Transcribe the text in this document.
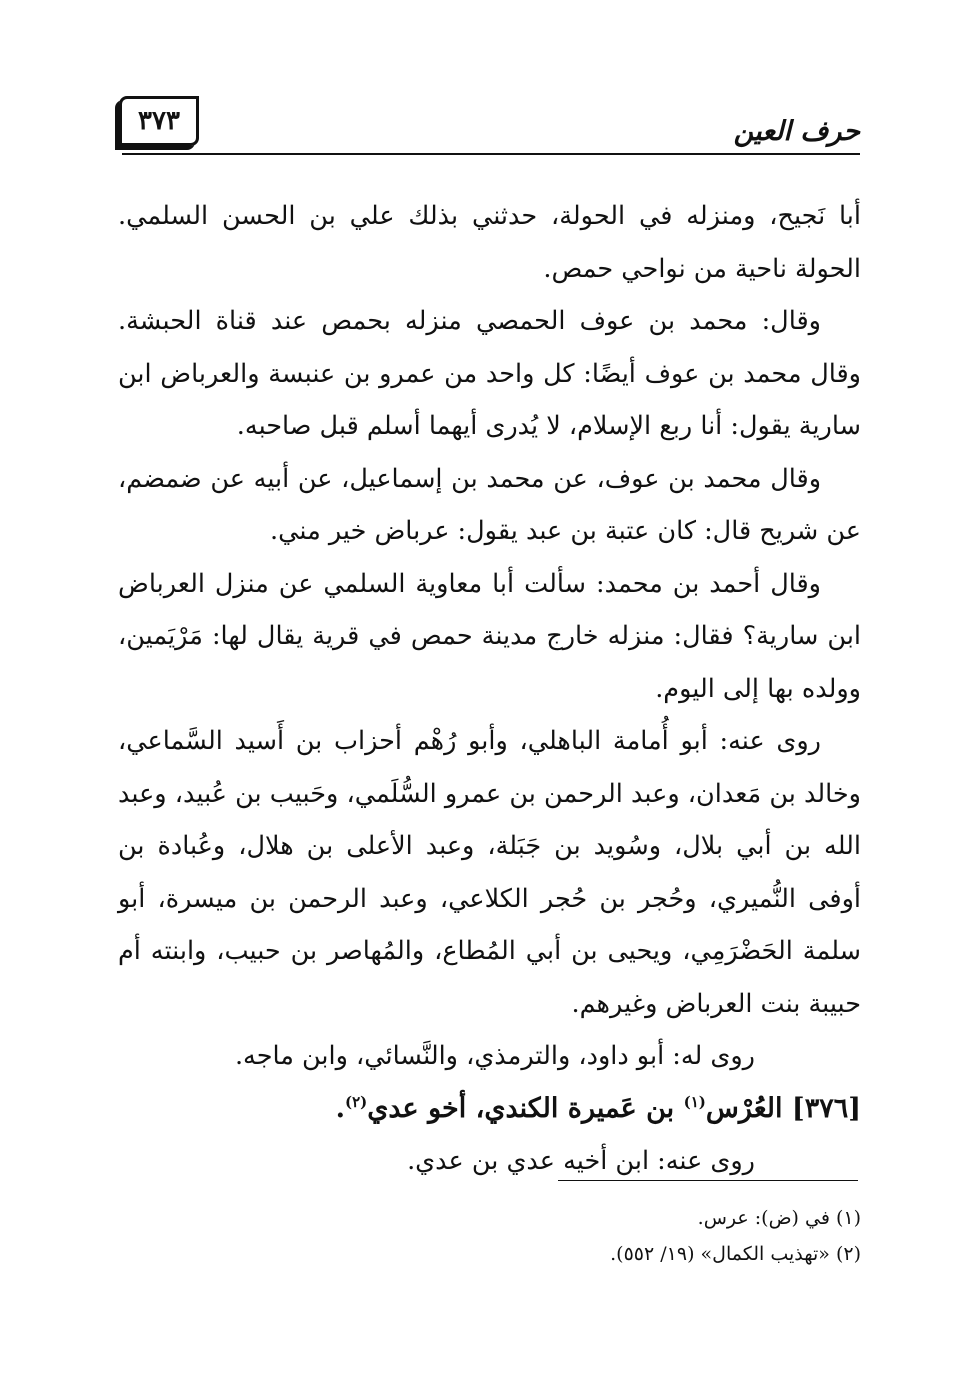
٣٧٣	حرف العين

أبا نَجيح، ومنزله في الحولة، حدثني بذلك علي بن الحسن السلمي. الحولة ناحية من نواحي حمص.

وقال: محمد بن عوف الحمصي منزله بحمص عند قناة الحبشة. وقال محمد بن عوف أيضًا: كل واحد من عمرو بن عنبسة والعرباض ابن سارية يقول: أنا ربع الإسلام، لا يُدرى أيهما أسلم قبل صاحبه.

وقال محمد بن عوف، عن محمد بن إسماعيل، عن أبيه عن ضمضم، عن شريح قال: كان عتبة بن عبد يقول: عرباض خير مني.

وقال أحمد بن محمد: سألت أبا معاوية السلمي عن منزل العرباض ابن سارية؟ فقال: منزله خارج مدينة حمص في قرية يقال لها: مَرْيَمين، وولده بها إلى اليوم.

روى عنه: أبو أُمامة الباهلي، وأبو رُهْم أحزاب بن أَسيد السَّماعي، وخالد بن مَعدان، وعبد الرحمن بن عمرو السُّلَمي، وحَبيب بن عُبيد، وعبد الله بن أبي بلال، وسُويد بن جَبَلة، وعبد الأعلى بن هلال، وعُبادة بن أوفى النُّميري، وحُجر بن حُجر الكلاعي، وعبد الرحمن بن ميسرة، أبو سلمة الحَضْرَمِي، ويحيى بن أبي المُطاع، والمُهاصر بن حبيب، وابنته أم حبيبة بنت العرباض وغيرهم.

روى له: أبو داود، والترمذي، والنَّسائي، وابن ماجه.

[٣٧٦] العُرْس$^{(١)}$ بن عَميرة الكندي، أخو عدي$^{(٢)}$.

روى عنه: ابن أخيه عدي بن عدي.

(١) في (ض): عرس.

(٢) «تهذيب الكمال» (١٩/ ٥٥٢).
